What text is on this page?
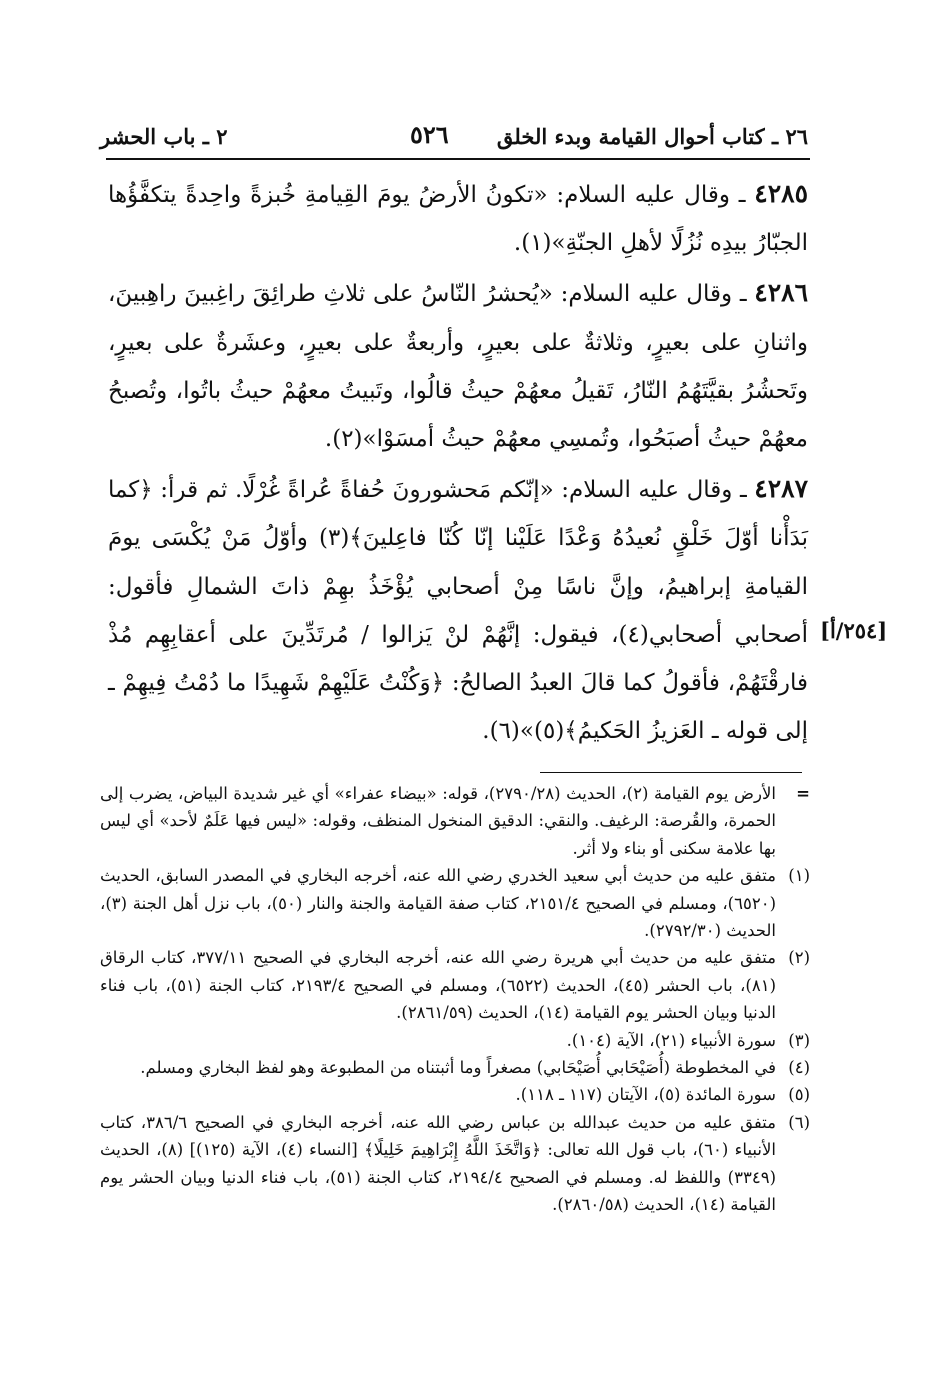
٢٦ ـ كتاب أحوال القيامة وبدء الخلق
٥٢٦
٢ ـ باب الحشر

٤٢٨٥ ـ وقال عليه السلام: «تكونُ الأرضُ يومَ القِيامةِ خُبزةً واحِدةً يتكفَّؤُها الجبّارُ بيدِه نُزُلًا لأهلِ الجنّةِ»(١).

٤٢٨٦ ـ وقال عليه السلام: «يُحشرُ النّاسُ على ثلاثِ طرائِقَ راغِبينَ راهِبينَ، واثنانِ على بعيرٍ، وثلاثةٌ على بعيرٍ، وأربعةٌ على بعيرٍ، وعشَرةٌ على بعيرٍ، وتَحشُرُ بقيَّتَهُمُ النّارُ، تَقيلُ معهُمْ حيثُ قالُوا، وتَبيتُ معهُمْ حيثُ باتُوا، وتُصبحُ معهُمْ حيثُ أصبَحُوا، وتُمسِي معهُمْ حيثُ أمسَوْا»(٢).

٤٢٨٧ ـ وقال عليه السلام: «إنّكم مَحشورونَ حُفاةً عُراةً غُرْلًا. ثم قرأ: ﴿كما بَدَأْنا أوّلَ خَلْقٍ نُعيدُهُ وَعْدًا عَلَيْنا إنّا كُنّا فاعِلينَ﴾(٣) وأوّلُ مَنْ يُكْسَى يومَ القيامةِ إبراهيمُ، وإنَّ ناسًا مِنْ أصحابي يُؤْخَذُ بهِمْ ذاتَ الشمالِ فأقول: أصحابي أصحابي(٤)، فيقول: إنَّهُمْ لنْ يَزالوا / مُرتَدِّينَ على أعقابِهِم مُذْ فارقْتَهُمْ، فأقولُ كما قالَ العبدُ الصالحُ: ﴿وَكُنْتُ عَلَيْهِمْ شَهِيدًا ما دُمْتُ فِيهِمْ ـ إلى قوله ـ العَزيزُ الحَكيمُ﴾(٥)»(٦).

[٢٥٤/أ]
=
الأرض يوم القيامة (٢)، الحديث (٢٧٩٠/٢٨)، قوله: «بيضاء عفراء» أي غير شديدة البياض، يضرب إلى الحمرة، والقُرصة: الرغيف. والنقي: الدقيق المنخول المنظف، وقوله: «ليس فيها عَلَمٌ لأحد» أي ليس بها علامة سكنى أو بناء ولا أثر.
(١)
متفق عليه من حديث أبي سعيد الخدري رضي الله عنه، أخرجه البخاري في المصدر السابق، الحديث (٦٥٢٠)، ومسلم في الصحيح ٢١٥١/٤، كتاب صفة القيامة والجنة والنار (٥٠)، باب نزل أهل الجنة (٣)، الحديث (٢٧٩٢/٣٠).
(٢)
متفق عليه من حديث أبي هريرة رضي الله عنه، أخرجه البخاري في الصحيح ٣٧٧/١١، كتاب الرقاق (٨١)، باب الحشر (٤٥)، الحديث (٦٥٢٢)، ومسلم في الصحيح ٢١٩٣/٤، كتاب الجنة (٥١)، باب فناء الدنيا وبيان الحشر يوم القيامة (١٤)، الحديث (٢٨٦١/٥٩).
(٣)
سورة الأنبياء (٢١)، الآية (١٠٤).
(٤)
في المخطوطة (أُصَيْحَابي أُصَيْحَابي) مصغراً وما أثبتناه من المطبوعة وهو لفظ البخاري ومسلم.
(٥)
سورة المائدة (٥)، الآيتان (١١٧ ـ ١١٨).
(٦)
متفق عليه من حديث عبدالله بن عباس رضي الله عنه، أخرجه البخاري في الصحيح ٣٨٦/٦، كتاب الأنبياء (٦٠)، باب قول الله تعالى: ﴿وَاتَّخَذَ اللَّهُ إِبْرَاهِيمَ خَلِيلًا﴾ [النساء (٤)، الآية (١٢٥)] (٨)، الحديث (٣٣٤٩) واللفظ له. ومسلم في الصحيح ٢١٩٤/٤، كتاب الجنة (٥١)، باب فناء الدنيا وبيان الحشر يوم القيامة (١٤)، الحديث (٢٨٦٠/٥٨).
